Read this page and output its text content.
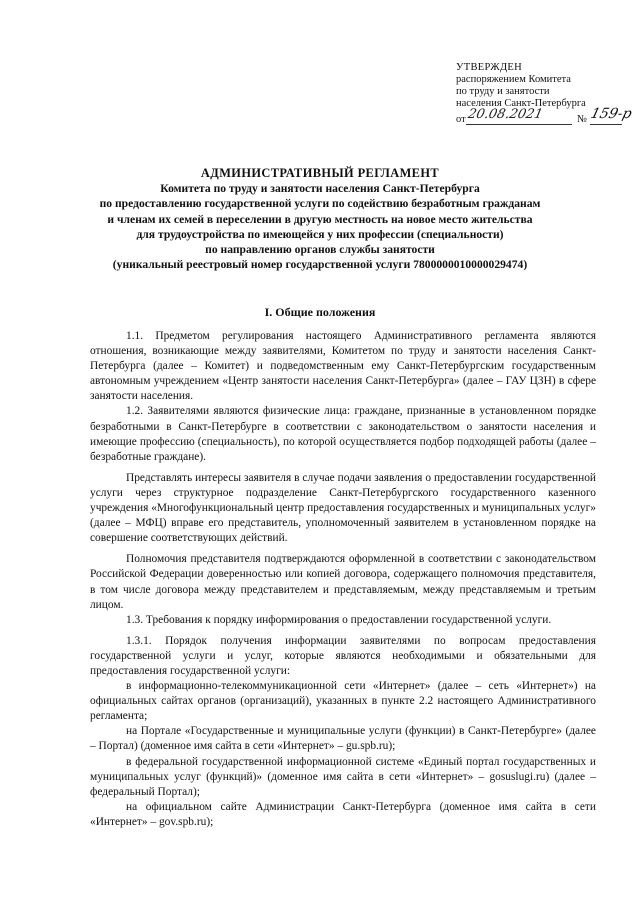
УТВЕРЖДЕН
распоряжением Комитета
по труду и занятости
населения Санкт-Петербурга
от 20.08.2021	№ 159-р
АДМИНИСТРАТИВНЫЙ РЕГЛАМЕНТ
Комитета по труду и занятости населения Санкт-Петербурга
по предоставлению государственной услуги по содействию безработным гражданам
и членам их семей в переселении в другую местность на новое место жительства
для трудоустройства по имеющейся у них профессии (специальности)
по направлению органов службы занятости
(уникальный реестровый номер государственной услуги 7800000010000029474)
I. Общие положения

1.1. Предметом регулирования настоящего Административного регламента являются отношения, возникающие между заявителями, Комитетом по труду и занятости населения Санкт-Петербурга (далее – Комитет) и подведомственным ему Санкт-Петербургским государственным автономным учреждением «Центр занятости населения Санкт-Петербурга» (далее – ГАУ ЦЗН) в сфере занятости населения.

1.2. Заявителями являются физические лица: граждане, признанные в установленном порядке безработными в Санкт-Петербурге в соответствии с законодательством о занятости населения и имеющие профессию (специальность), по которой осуществляется подбор подходящей работы (далее – безработные граждане).

Представлять интересы заявителя в случае подачи заявления о предоставлении государственной услуги через структурное подразделение Санкт-Петербургского государственного казенного учреждения «Многофункциональный центр предоставления государственных и муниципальных услуг» (далее – МФЦ) вправе его представитель, уполномоченный заявителем в установленном порядке на совершение соответствующих действий.

Полномочия представителя подтверждаются оформленной в соответствии с законодательством Российской Федерации доверенностью или копией договора, содержащего полномочия представителя, в том числе договора между представителем и представляемым, между представляемым и третьим лицом.

1.3. Требования к порядку информирования о предоставлении государственной услуги.

1.3.1. Порядок получения информации заявителями по вопросам предоставления государственной услуги и услуг, которые являются необходимыми и обязательными для предоставления государственной услуги:

в информационно-телекоммуникационной сети «Интернет» (далее – сеть «Интернет») на официальных сайтах органов (организаций), указанных в пункте 2.2 настоящего Административного регламента;

на Портале «Государственные и муниципальные услуги (функции) в Санкт-Петербурге» (далее – Портал) (доменное имя сайта в сети «Интернет» – gu.spb.ru);

в федеральной государственной информационной системе «Единый портал государственных и муниципальных услуг (функций)» (доменное имя сайта в сети «Интернет» – gosuslugi.ru) (далее – федеральный Портал);

на официальном сайте Администрации Санкт-Петербурга (доменное имя сайта в сети «Интернет» – gov.spb.ru);
